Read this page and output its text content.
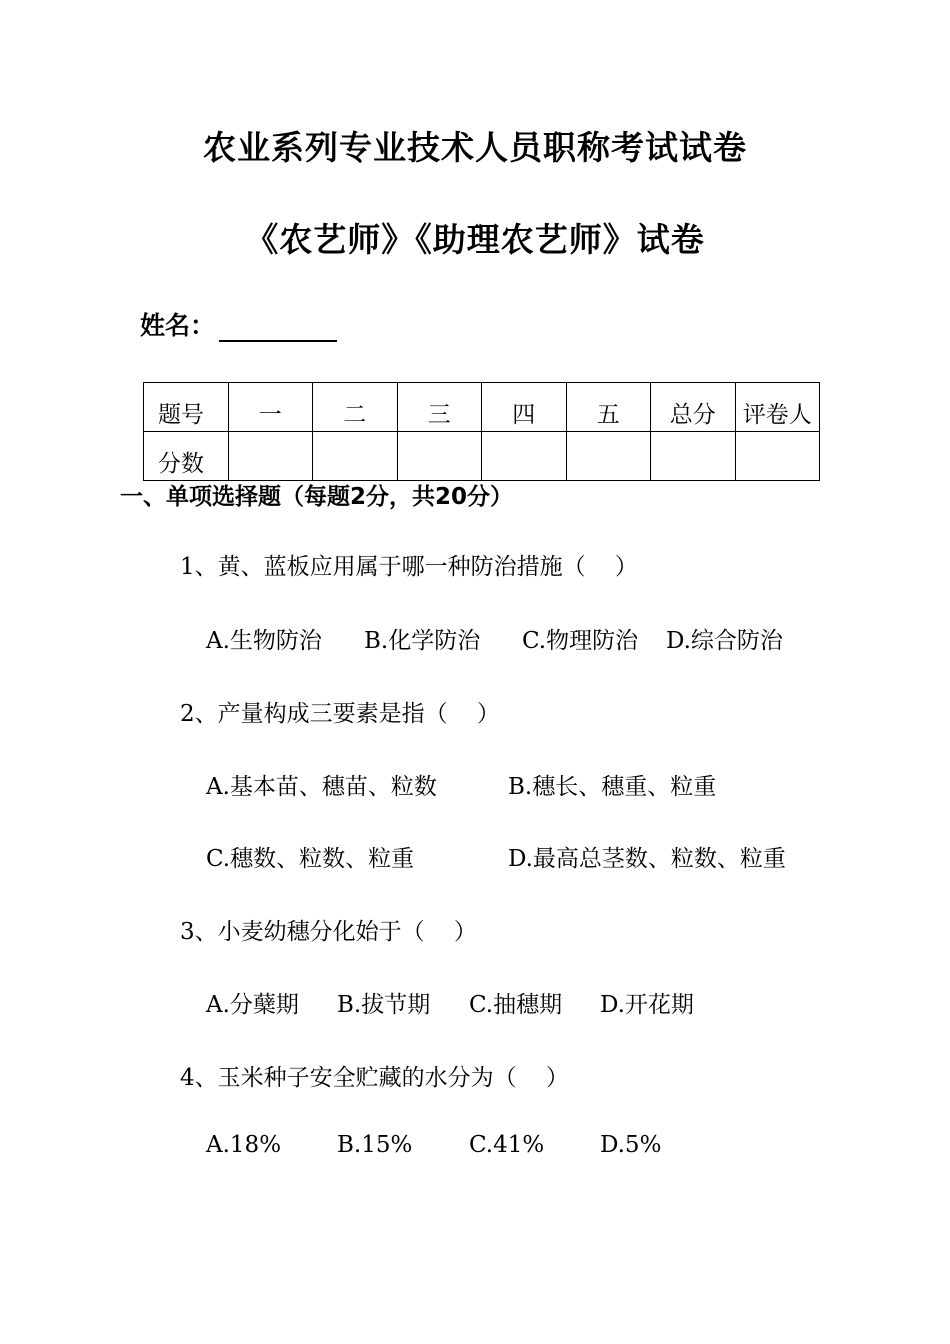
农业系列专业技术人员职称考试试卷
《农艺师》《助理农艺师》试卷
姓名：
题号	一	二	三	四	五	总分	评卷人
分数							
一、单项选择题（每题2分，共20分）
1、黄、蓝板应用属于哪一种防治措施（    ）
A.生物防治 B.化学防治 C.物理防治 D.综合防治
2、产量构成三要素是指（    ）
A.基本苗、穗苗、粒数	B.穗长、穗重、粒重
C.穗数、粒数、粒重	D.最高总茎数、粒数、粒重
3、小麦幼穗分化始于（    ）
A.分蘖期 B.拔节期 C.抽穗期 D.开花期
4、玉米种子安全贮藏的水分为（    ）
A.18% B.15% C.41% D.5%
